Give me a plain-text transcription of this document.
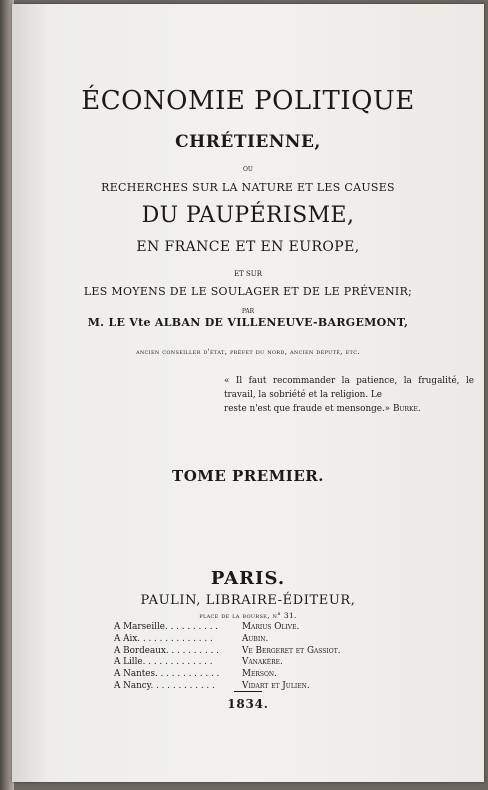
ÉCONOMIE POLITIQUE
CHRÉTIENNE,
ou
RECHERCHES SUR LA NATURE ET LES CAUSES
DU PAUPÉRISME,
EN FRANCE ET EN EUROPE,
ET SUR
LES MOYENS DE LE SOULAGER ET DE LE PRÉVENIR;
PAR
M. LE Vte ALBAN DE VILLENEUVE-BARGEMONT,
ancien conseiller d'état, préfet du nord, ancien député, etc.
« Il faut recommander la patience, la frugalité, le travail, la sobriété et la religion. Le
reste n'est que fraude et mensonge.» Burke.
TOME PREMIER.
PARIS.
PAULIN, LIBRAIRE-ÉDITEUR,
place de la bourse, n° 31.
A Marseille. . . . . . . . . .	Marius Olive.
A Aix. . . . . . . . . . . . . .	Aubin.
A Bordeaux. . . . . . . . . .	Ve Bergeret et Gassiot.
A Lille. . . . . . . . . . . . .	Vanakère.
A Nantes. . . . . . . . . . . .	Merson.
A Nancy. . . . . . . . . . . .	Vidart et Julien.
1834.
